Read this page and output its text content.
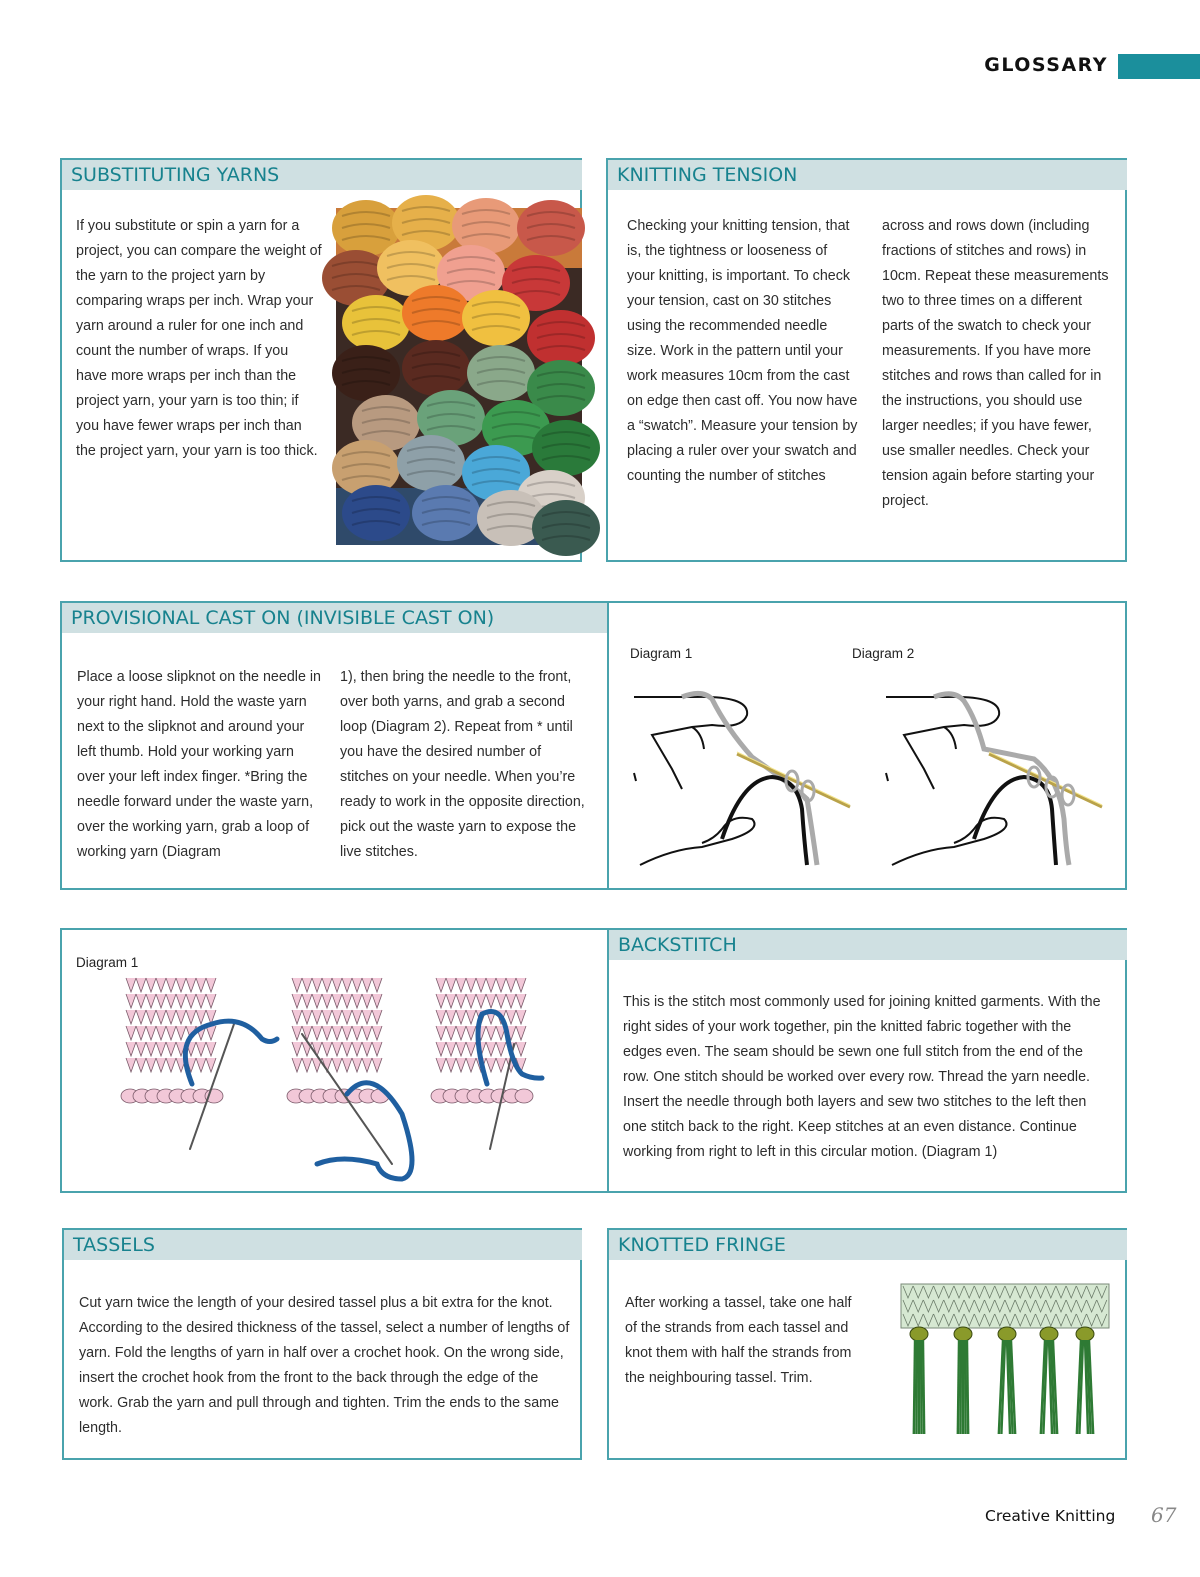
GLOSSARY
SUBSTITUTING YARNS
If you substitute or spin a yarn for a project, you can compare the weight of the yarn to the project yarn by comparing wraps per inch. Wrap your yarn around a ruler for one inch and count the number of wraps. If you have more wraps per inch than the project yarn, your yarn is too thin; if you have fewer wraps per inch than the project yarn, your yarn is too thick.
KNITTING TENSION
Checking your knitting tension, that is, the tightness or looseness of your knitting, is important. To check your tension, cast on 30 stitches using the recommended needle size. Work in the pattern until your work measures 10cm from the cast on edge then cast off. You now have a “swatch”. Measure your tension by placing a ruler over your swatch and counting the number of stitches
across and rows down (including fractions of stitches and rows) in 10cm. Repeat these measurements two to three times on a different parts of the swatch to check your measurements. If you have more stitches and rows than called for in the instructions, you should use larger needles; if you have fewer, use smaller needles. Check your tension again before starting your project.
PROVISIONAL CAST ON (INVISIBLE CAST ON)
Place a loose slipknot on the needle in your right hand. Hold the waste yarn next to the slipknot and around your left thumb. Hold your working yarn over your left index finger. *Bring the needle forward under the waste yarn, over the working yarn, grab a loop of working yarn (Diagram
1), then bring the needle to the front, over both yarns, and grab a second loop (Diagram 2). Repeat from * until you have the desired number of stitches on your needle. When you’re ready to work in the opposite direction, pick out the waste yarn to expose the live stitches.
Diagram 1	Diagram 2
BACKSTITCH
Diagram 1
This is the stitch most commonly used for joining knitted garments. With the right sides of your work together, pin the knitted fabric together with the edges even. The seam should be sewn one full stitch from the end of the row. One stitch should be worked over every row. Thread the yarn needle. Insert the needle through both layers and sew two stitches to the left then one stitch back to the right. Keep stitches at an even distance. Continue working from right to left in this circular motion. (Diagram 1)
TASSELS
Cut yarn twice the length of your desired tassel plus a bit extra for the knot. According to the desired thickness of the tassel, select a number of lengths of yarn. Fold the lengths of yarn in half over a crochet hook. On the wrong side, insert the crochet hook from the front to the back through the edge of the work. Grab the yarn and pull through and tighten. Trim the ends to the same length.
KNOTTED FRINGE
After working a tassel, take one half of the strands from each tassel and knot them with half the strands from the neighbouring tassel. Trim.
Creative Knitting 67
